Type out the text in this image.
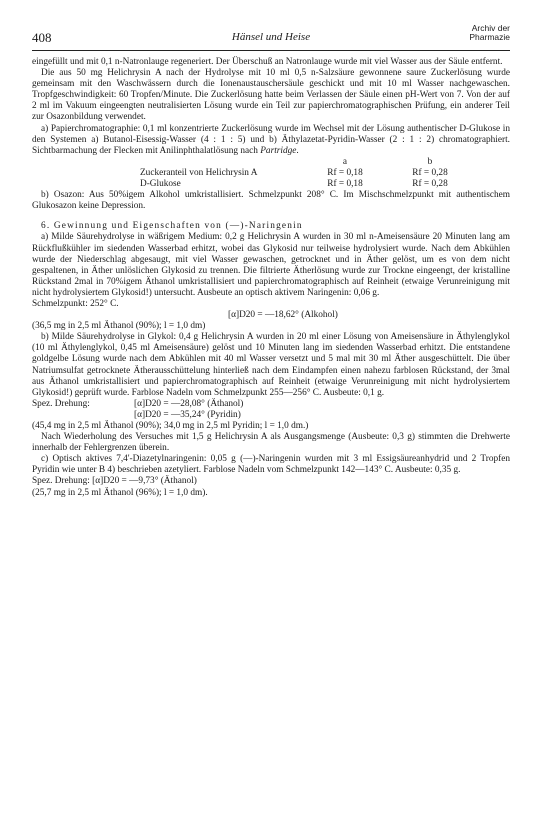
408	Hänsel und Heise
Archiv der
Pharmazie

eingefüllt und mit 0,1 n-Natronlauge regeneriert. Der Überschuß an Natronlauge wurde mit viel Wasser aus der Säule entfernt.

Die aus 50 mg Helichrysin A nach der Hydrolyse mit 10 ml 0,5 n-Salzsäure gewonnene saure Zuckerlösung wurde gemeinsam mit den Waschwässern durch die Ionenaustauschersäule geschickt und mit 10 ml Wasser nachgewaschen. Tropfgeschwindigkeit: 60 Tropfen/Minute. Die Zuckerlösung hatte beim Verlassen der Säule einen pH-Wert von 7. Von der auf 2 ml im Vakuum eingeengten neutralisierten Lösung wurde ein Teil zur papierchromatographischen Prüfung, ein anderer Teil zur Osazonbildung verwendet.

a) Papierchromatographie: 0,1 ml konzentrierte Zuckerlösung wurde im Wechsel mit der Lösung authentischer D-Glukose in den Systemen a) Butanol-Eisessig-Wasser (4 : 1 : 5) und b) Äthylazetat-Pyridin-Wasser (2 : 1 : 2) chromatographiert. Sichtbarmachung der Flecken mit Anilinphthalatlösung nach Partridge.

a	b
Zuckeranteil von Helichrysin A	Rf = 0,18	Rf = 0,28
D-Glukose	Rf = 0,18	Rf = 0,28

b) Osazon: Aus 50%igem Alkohol umkristallisiert. Schmelzpunkt 208° C. Im Mischschmelzpunkt mit authentischem Glukosazon keine Depression.

6. Gewinnung und Eigenschaften von (—)-Naringenin

a) Milde Säurehydrolyse in wäßrigem Medium: 0,2 g Helichrysin A wurden in 30 ml n-Ameisensäure 20 Minuten lang am Rückflußkühler im siedenden Wasserbad erhitzt, wobei das Glykosid nur teilweise hydrolysiert wurde. Nach dem Abkühlen wurde der Niederschlag abgesaugt, mit viel Wasser gewaschen, getrocknet und in Äther gelöst, um es von dem nicht gespaltenen, in Äther unlöslichen Glykosid zu trennen. Die filtrierte Ätherlösung wurde zur Trockne eingeengt, der kristalline Rückstand 2mal in 70%igem Äthanol umkristallisiert und papierchromatographisch auf Reinheit (etwaige Verunreinigung mit nicht hydrolysiertem Glykosid!) untersucht. Ausbeute an optisch aktivem Naringenin: 0,06 g.

Schmelzpunkt: 252° C.

[α]D20 = —18,62° (Alkohol)

(36,5 mg in 2,5 ml Äthanol (90%); l = 1,0 dm)

b) Milde Säurehydrolyse in Glykol: 0,4 g Helichrysin A wurden in 20 ml einer Lösung von Ameisensäure in Äthylenglykol (10 ml Äthylenglykol, 0,45 ml Ameisensäure) gelöst und 10 Minuten lang im siedenden Wasserbad erhitzt. Die entstandene goldgelbe Lösung wurde nach dem Abkühlen mit 40 ml Wasser versetzt und 5 mal mit 30 ml Äther ausgeschüttelt. Die über Natriumsulfat getrocknete Ätherausschüttelung hinterließ nach dem Eindampfen einen nahezu farblosen Rückstand, der 3mal aus Äthanol umkristallisiert und papierchromatographisch auf Reinheit (etwaige Verunreinigung mit nicht hydrolysiertem Glykosid!) geprüft wurde. Farblose Nadeln vom Schmelzpunkt 255—256° C. Ausbeute: 0,1 g.

Spez. Drehung:	[α]D20 = —28,08° (Äthanol)

[α]D20 = —35,24° (Pyridin)

(45,4 mg in 2,5 ml Äthanol (90%); 34,0 mg in 2,5 ml Pyridin; l = 1,0 dm.)

Nach Wiederholung des Versuches mit 1,5 g Helichrysin A als Ausgangsmenge (Ausbeute: 0,3 g) stimmten die Drehwerte innerhalb der Fehlergrenzen überein.

c) Optisch aktives 7,4'-Diazetylnaringenin: 0,05 g (—)-Naringenin wurden mit 3 ml Essigsäureanhydrid und 2 Tropfen Pyridin wie unter B 4) beschrieben azetyliert. Farblose Nadeln vom Schmelzpunkt 142—143° C. Ausbeute: 0,35 g.

Spez. Drehung: [α]D20 = —9,73° (Äthanol)

(25,7 mg in 2,5 ml Äthanol (96%); l = 1,0 dm).
